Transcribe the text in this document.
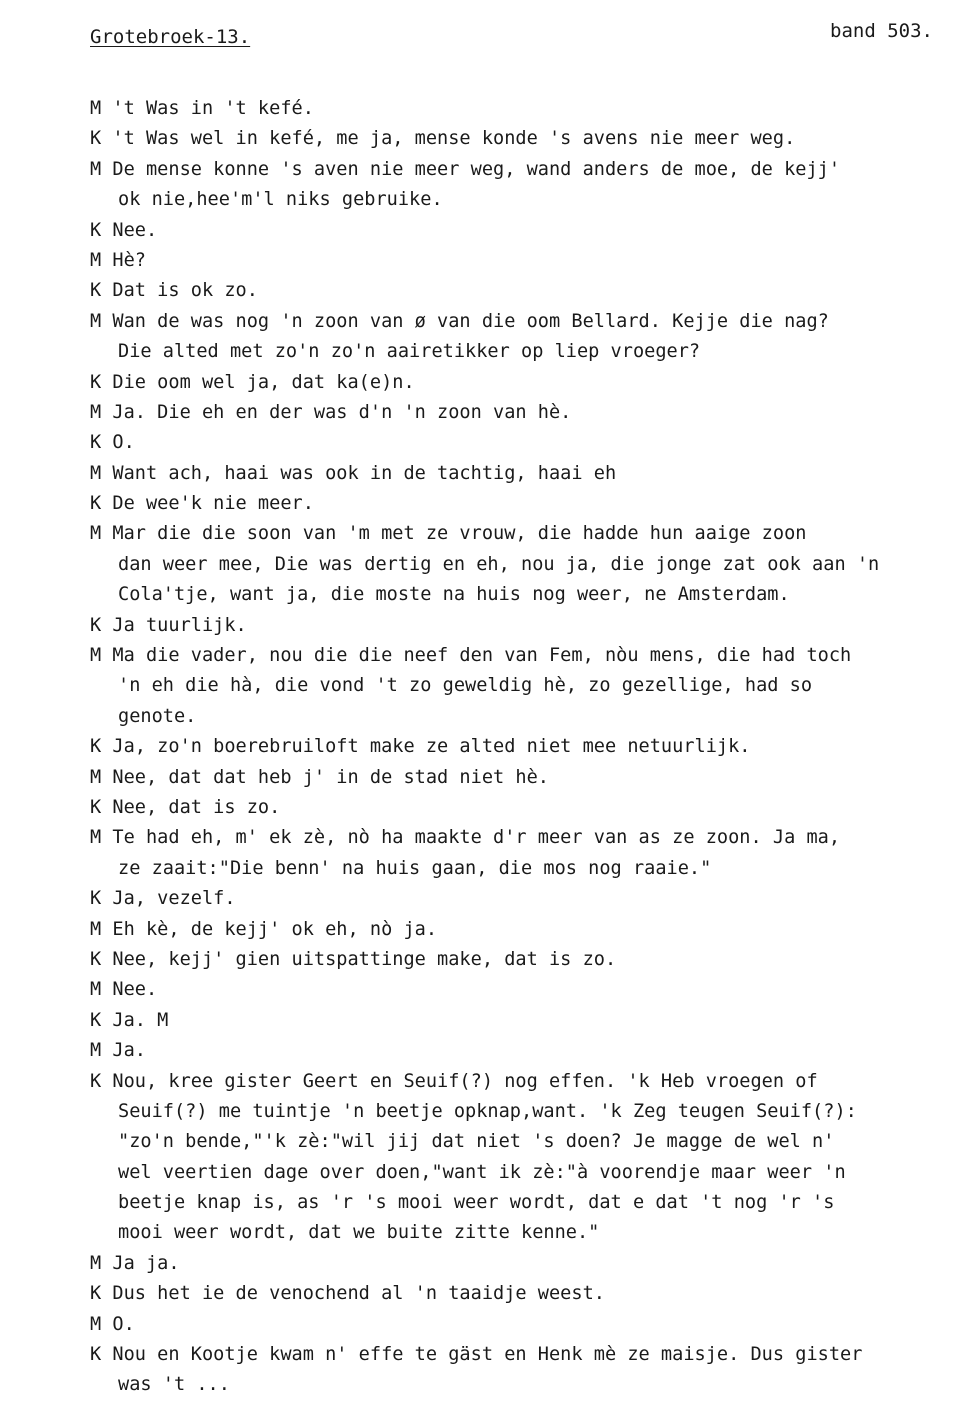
Grotebroek-13.	band 503.
M 't Was in 't kefé.
K 't Was wel in kefé, me ja, mense konde 's avens nie meer weg.
M De mense konne 's aven nie meer weg, wand anders de moe, de kejj'
ok nie,hee'm'l niks gebruike.
K Nee.
M Hè?
K Dat is ok zo.
M Wan de was nog 'n zoon van ø van die oom Bellard. Kejje die nag?
Die alted met zo'n zo'n aairetikker op liep vroeger?
K Die oom wel ja, dat ka(e)n.
M Ja. Die eh en der was d'n 'n zoon van hè.
K O.
M Want ach, haai was ook in de tachtig, haai eh
K De wee'k nie meer.
M Mar die die soon van 'm met ze vrouw, die hadde hun aaige zoon
dan weer mee, Die was dertig en eh, nou ja, die jonge zat ook aan 'n
Cola'tje, want ja, die moste na huis nog weer, ne Amsterdam.
K Ja tuurlijk.
M Ma die vader, nou die die neef den van Fem, nòu mens, die had toch
'n eh die hà, die vond 't zo geweldig hè, zo gezellige, had so
genote.
K Ja, zo'n boerebruiloft make ze alted niet mee netuurlijk.
M Nee, dat dat heb j' in de stad niet hè.
K Nee, dat is zo.
M Te had eh, m' ek zè, nò ha maakte d'r meer van as ze zoon. Ja ma,
ze zaait:"Die benn' na huis gaan, die mos nog raaie."
K Ja, vezelf.
M Eh kè, de kejj' ok eh, nò ja.
K Nee, kejj' gien uitspattinge make, dat is zo.
M Nee.
K Ja. M
M Ja.
K Nou, kree gister Geert en Seuif(?) nog effen. 'k Heb vroegen of
Seuif(?) me tuintje 'n beetje opknap,want. 'k Zeg teugen Seuif(?):
"zo'n bende,"'k zè:"wil jij dat niet 's doen? Je magge de wel n'
wel veertien dage over doen,"want ik zè:"à voorendje maar weer 'n
beetje knap is, as 'r 's mooi weer wordt, dat e dat 't nog 'r 's
mooi weer wordt, dat we buite zitte kenne."
M Ja ja.
K Dus het ie de venochend al 'n taaidje weest.
M O.
K Nou en Kootje kwam n' effe te gäst en Henk mè ze maisje. Dus gister
was 't ...
